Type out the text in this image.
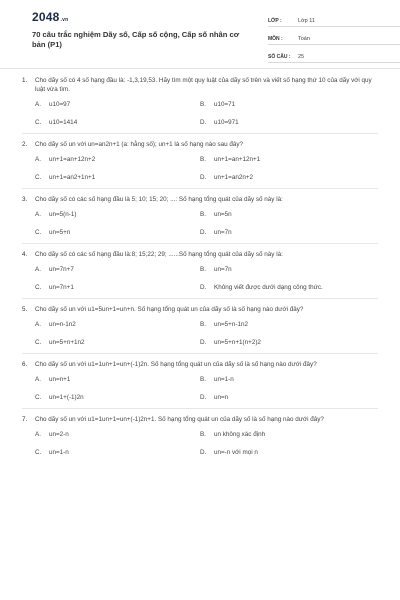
2048.vn
70 câu trắc nghiệm Dãy số, Cấp số cộng, Cấp số nhân cơ bản (P1)
LỚP :	Lớp 11
MÔN :	Toán
SỐ CÂU :	25
1.	Cho dãy số có 4 số hạng đầu là: -1,3,19,53. Hãy tìm một quy luật của dãy số trên và viết số hạng thứ 10 của dãy với quy luật vừa tìm.
A.	u10=97	B.	u10=71
C.	u10=1414	D.	u10=971
2.	Cho dãy số un với un=an2n+1 (a: hằng số); un+1 là số hạng nào sau đây?
A.	un+1=an+12n+2	B.	un+1=an+12n+1
C.	un+1=an2+1n+1	D.	un+1=an2n+2
3.	Cho dãy số có các số hạng đầu là 5; 10; 15; 20; ...: Số hạng tổng quát của dãy số này là:
A.	un=5(n-1)	B.	un=5n
C.	un=5+n	D.	un=7n
4.	Cho dãy số có các số hạng đầu là:8; 15;22; 29; ......Số hạng tổng quát của dãy số này là:
A.	un=7n+7	B.	un=7n
C.	un=7n+1	D.	Không viết được dưới dạng công thức.
5.	Cho dãy số un với u1=5un+1=un+n. Số hạng tổng quát un của dãy số là số hạng nào dưới đây?
A.	un=n-1n2	B.	un=5+n-1n2
C.	un=5+n+1n2	D.	un=5+n+1(n+2)2
6.	Cho dãy số un với u1=1un+1=un+(-1)2n. Số hạng tổng quát un của dãy số là số hạng nào dưới đây?
A.	un=n+1	B.	un=1-n
C.	un=1+(-1)2n	D.	un=n
7.	Cho dãy số un với u1=1un+1=un+(-1)2n+1. Số hạng tổng quát un của dãy số là số hạng nào dưới đây?
A.	un=2-n	B.	un không xác định
C.	un=1-n	D.	un=-n với mọi n
